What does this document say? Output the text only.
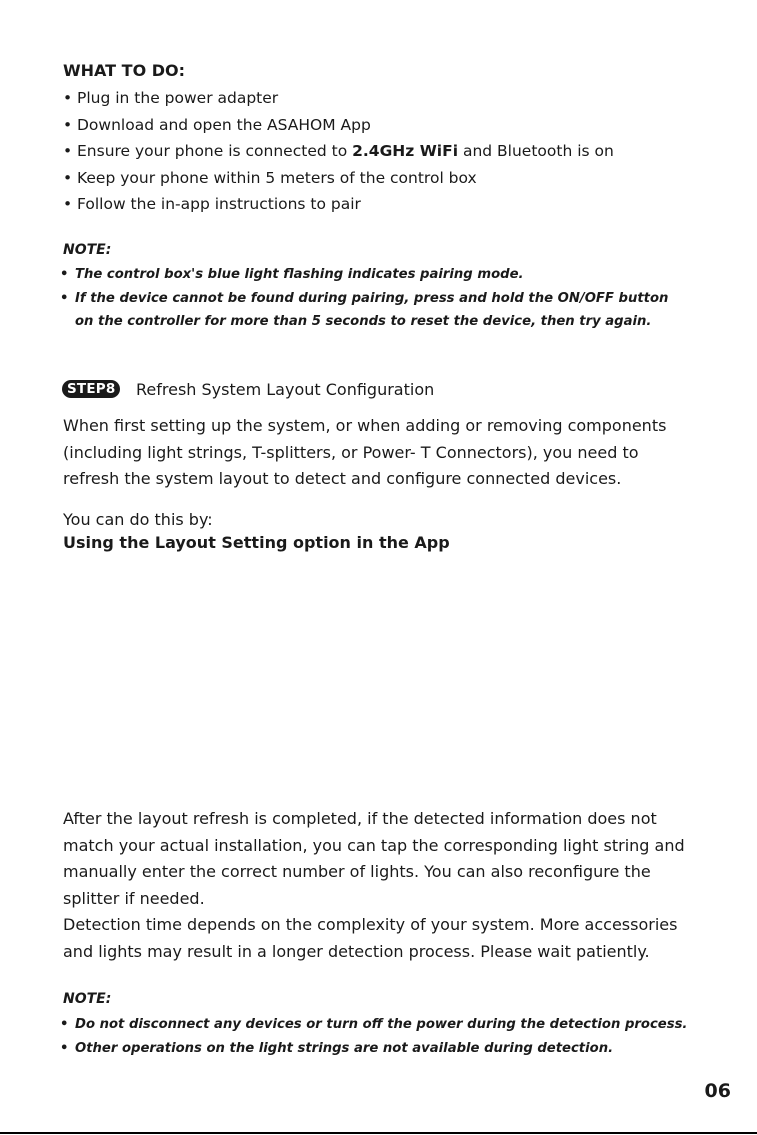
WHAT TO DO:
• Plug in the power adapter
• Download and open the ASAHOM App
• Ensure your phone is connected to 2.4GHz WiFi and Bluetooth is on
• Keep your phone within 5 meters of the control box
• Follow the in-app instructions to pair
NOTE:
• The control box's blue light flashing indicates pairing mode.
• If the device cannot be found during pairing, press and hold the ON/OFF button
on the controller for more than 5 seconds to reset the device, then try again.
STEP8	Refresh System Layout Configuration
When first setting up the system, or when adding or removing components
(including light strings, T-splitters, or Power- T Connectors), you need to
refresh the system layout to detect and configure connected devices.
You can do this by:
Using the Layout Setting option in the App
After the layout refresh is completed, if the detected information does not
match your actual installation, you can tap the corresponding light string and
manually enter the correct number of lights. You can also reconfigure the
splitter if needed.
Detection time depends on the complexity of your system. More accessories
and lights may result in a longer detection process. Please wait patiently.
NOTE:
• Do not disconnect any devices or turn off the power during the detection process.
• Other operations on the light strings are not available during detection.
06
